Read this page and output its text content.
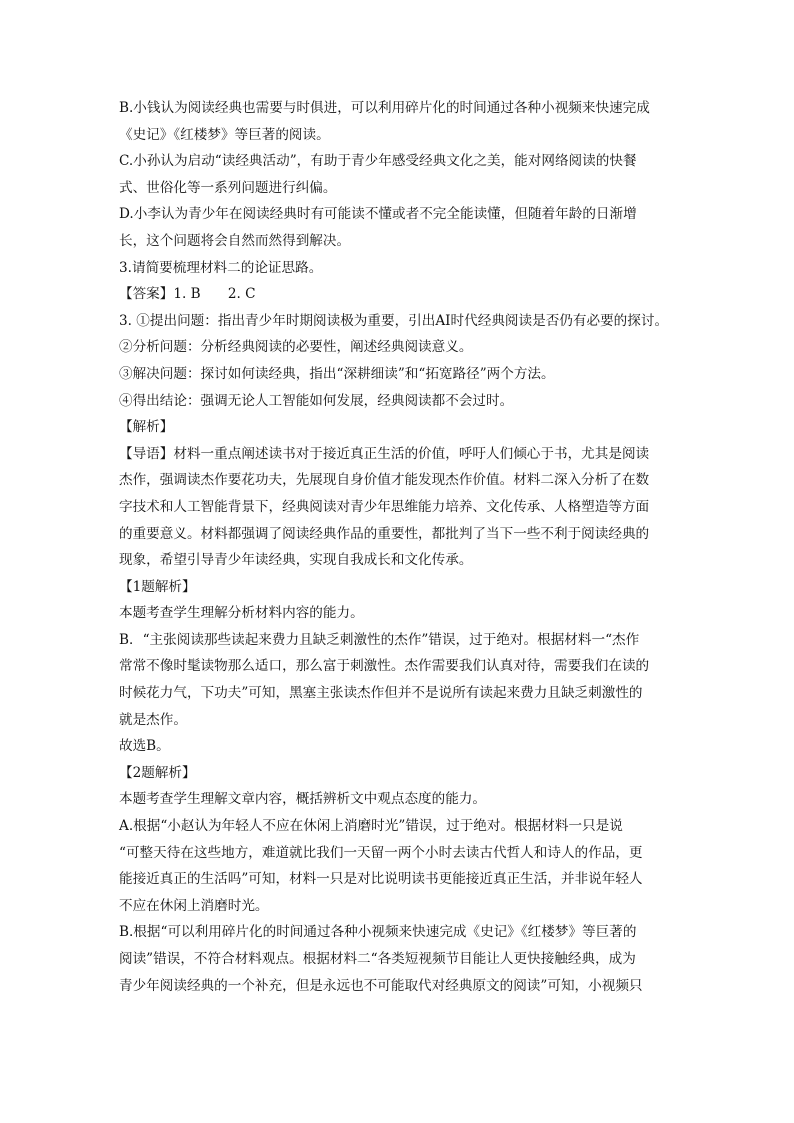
B.小钱认为阅读经典也需要与时俱进，可以利用碎片化的时间通过各种小视频来快速完成
《史记》《红楼梦》等巨著的阅读。
C.小孙认为启动“读经典活动”，有助于青少年感受经典文化之美，能对网络阅读的快餐
式、世俗化等一系列问题进行纠偏。
D.小李认为青少年在阅读经典时有可能读不懂或者不完全能读懂，但随着年龄的日渐增
长，这个问题将会自然而然得到解决。
3.请简要梳理材料二的论证思路。
【答案】1. B　　2. C
3. ①提出问题：指出青少年时期阅读极为重要，引出AI时代经典阅读是否仍有必要的探讨。
②分析问题：分析经典阅读的必要性，阐述经典阅读意义。
③解决问题：探讨如何读经典，指出“深耕细读”和“拓宽路径”两个方法。
④得出结论：强调无论人工智能如何发展，经典阅读都不会过时。
【解析】
【导语】材料一重点阐述读书对于接近真正生活的价值，呼吁人们倾心于书，尤其是阅读
杰作，强调读杰作要花功夫，先展现自身价值才能发现杰作价值。材料二深入分析了在数
字技术和人工智能背景下，经典阅读对青少年思维能力培养、文化传承、人格塑造等方面
的重要意义。材料都强调了阅读经典作品的重要性，都批判了当下一些不利于阅读经典的
现象，希望引导青少年读经典，实现自我成长和文化传承。
【1题解析】
本题考查学生理解分析材料内容的能力。
B．“主张阅读那些读起来费力且缺乏刺激性的杰作”错误，过于绝对。根据材料一“杰作
常常不像时髦读物那么适口，那么富于刺激性。杰作需要我们认真对待，需要我们在读的
时候花力气，下功夫”可知，黑塞主张读杰作但并不是说所有读起来费力且缺乏刺激性的
就是杰作。
故选B。
【2题解析】
本题考查学生理解文章内容，概括辨析文中观点态度的能力。
A.根据“小赵认为年轻人不应在休闲上消磨时光”错误，过于绝对。根据材料一只是说
“可整天待在这些地方，难道就比我们一天留一两个小时去读古代哲人和诗人的作品，更
能接近真正的生活吗”可知，材料一只是对比说明读书更能接近真正生活，并非说年轻人
不应在休闲上消磨时光。
B.根据“可以利用碎片化的时间通过各种小视频来快速完成《史记》《红楼梦》等巨著的
阅读”错误，不符合材料观点。根据材料二“各类短视频节目能让人更快接触经典，成为
青少年阅读经典的一个补充，但是永远也不可能取代对经典原文的阅读”可知，小视频只
